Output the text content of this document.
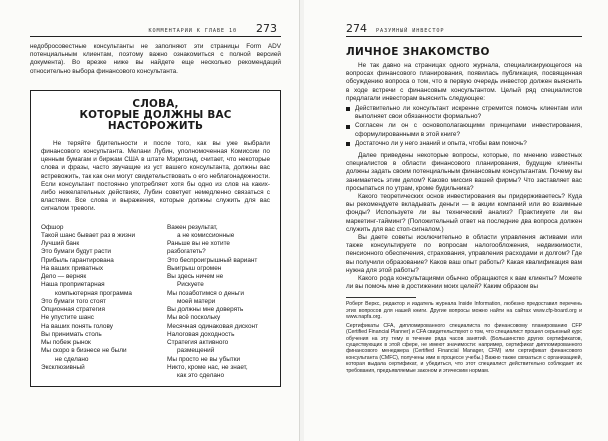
КОММЕНТАРИИ К ГЛАВЕ 10 273

недобросовестные консультанты не заполняют эти страницы Form ADV потенциальным клиентам, поэтому важно ознакомиться с полной версией документа). Во врезке ниже вы найдете еще несколько рекомендаций относительно выбора финансового консультанта.

СЛОВА,
КОТОРЫЕ ДОЛЖНЫ ВАС
НАСТОРОЖИТЬ

Не теряйте бдительности и после того, как вы уже выбрали финансового консультанта. Мелани Лубин, уполномоченная Комиссии по ценным бумагам и биржам США в штате Мэрилэнд, считает, что некоторые слова и фразы, часто звучащие из уст вашего консультанта, должны вас встревожить, так как они могут свидетельствовать о его неблагонадежности. Если консультант постоянно употребляет хотя бы одно из слов на каких-либо нежелательных действиях, Лубин советует немедленно связаться с властями. Все слова и выражения, которые должны служить для вас сигналом тревоги.

Офшор
Такой шанс бывает раз в жизни
Лучший банк
Это бумаги будут расти
Прибыль гарантирована
На ваших приватных
Дело — верняк
Наша проприетарная
компьютерная программа
Это бумаги того стоят
Опционная стратегия
Не упустите шанс
На ваших понять голову
Вы принимать столь
Мы побеж рынок
Мы скоро в бизнесе не были
не сделано
Эксклюзивный
Важен результат,
а не комиссионные
Раньше вы не хотите разбогатеть?
Это беспроигрышный вариант
Выигрыш огромен
Вы здесь ничем не
Рискуете
Мы позаботимся о деньги
моей матери
Вы должны мне доверять
Мы всё поскольку
Месячная одинаковая дисконт
Налоговая доходность
Стратегия активного
размещений
Мы просто не вы убытки
Никто, кроме нас, не знает,
как это сделано
274 РАЗУМНЫЙ ИНВЕСТОР
ЛИЧНОЕ ЗНАКОМСТВО

Не так давно на страницах одного журнала, специализирующегося на вопросах финансового планирования, появилась публикация, посвященная обсуждению вопроса о том, что в первую очередь инвестор должен выяснить в ходе встречи с финансовым консультантом. Целый ряд специалистов предлагали инвесторам выяснить следующее:

Действительно ли консультант искренне стремится помочь клиентам или выполняет свои обязанности формально?
Согласен ли он с основополагающими принципами инвестирования, сформулированными в этой книге?
Достаточно ли у него знаний и опыта, чтобы вам помочь?

Далее приведены некоторые вопросы, которые, по мнению известных специалистов в области финансового планирования, будущие клиенты должны задать своим потенциальным финансовым консультантам. Почему вы занимаетесь этим делом? Каково миссия вашей фирмы? Что заставляет вас просыпаться по утрам, кроме будильника?

Какого теоретических основ инвестирования вы придерживаетесь? Куда вы рекомендуете вкладывать деньги — в акции компаний или во взаимные фонды? Используете ли вы технический анализ? Практикуете ли вы маркетинг-тайминг? (Положительный ответ на последние два вопроса должен служить для вас стоп-сигналом.)

Вы даете советы исключительно в области управления активами или также консультируете по вопросам налогообложения, недвижимости, пенсионного обеспечения, страхования, управления расходами и долгом? Где вы получили образование? Каков ваш опыт работы? Какая квалификация вам нужна для этой работы?

Какого рода консультациями обычно обращаются к вам клиенты? Можете ли вы помочь мне в достижении моих целей? Каким образом вы

Роберт Веркс, редактор и издатель журнала Inside Information, любезно предоставил перечень этих вопросов для нашей книги. Другие вопросы можно найти на сайтах www.cfp-board.org и www.napfa.org.

Сертификаты CFA, дипломированного специалиста по финансовому планированию CFP (Certified Financial Planner) и CFA свидетельствуют о том, что специалист прошел серьезный курс обучения на эту тему в течение ряда часов занятий. (Большинство других сертификатов, существующих в этой сфере, не имеют значимости: например, сертификат дипломированного финансового менеджера (Certified Financial Manager, CFM) или сертификат финансового консультанта (CMFC), получены ими в процессе учебы.) Важно также связаться с организацией, которая выдала сертификат, и убедиться, что этот специалист действительно соблюдает их требования, предъявляемые законом и этическим нормам.
